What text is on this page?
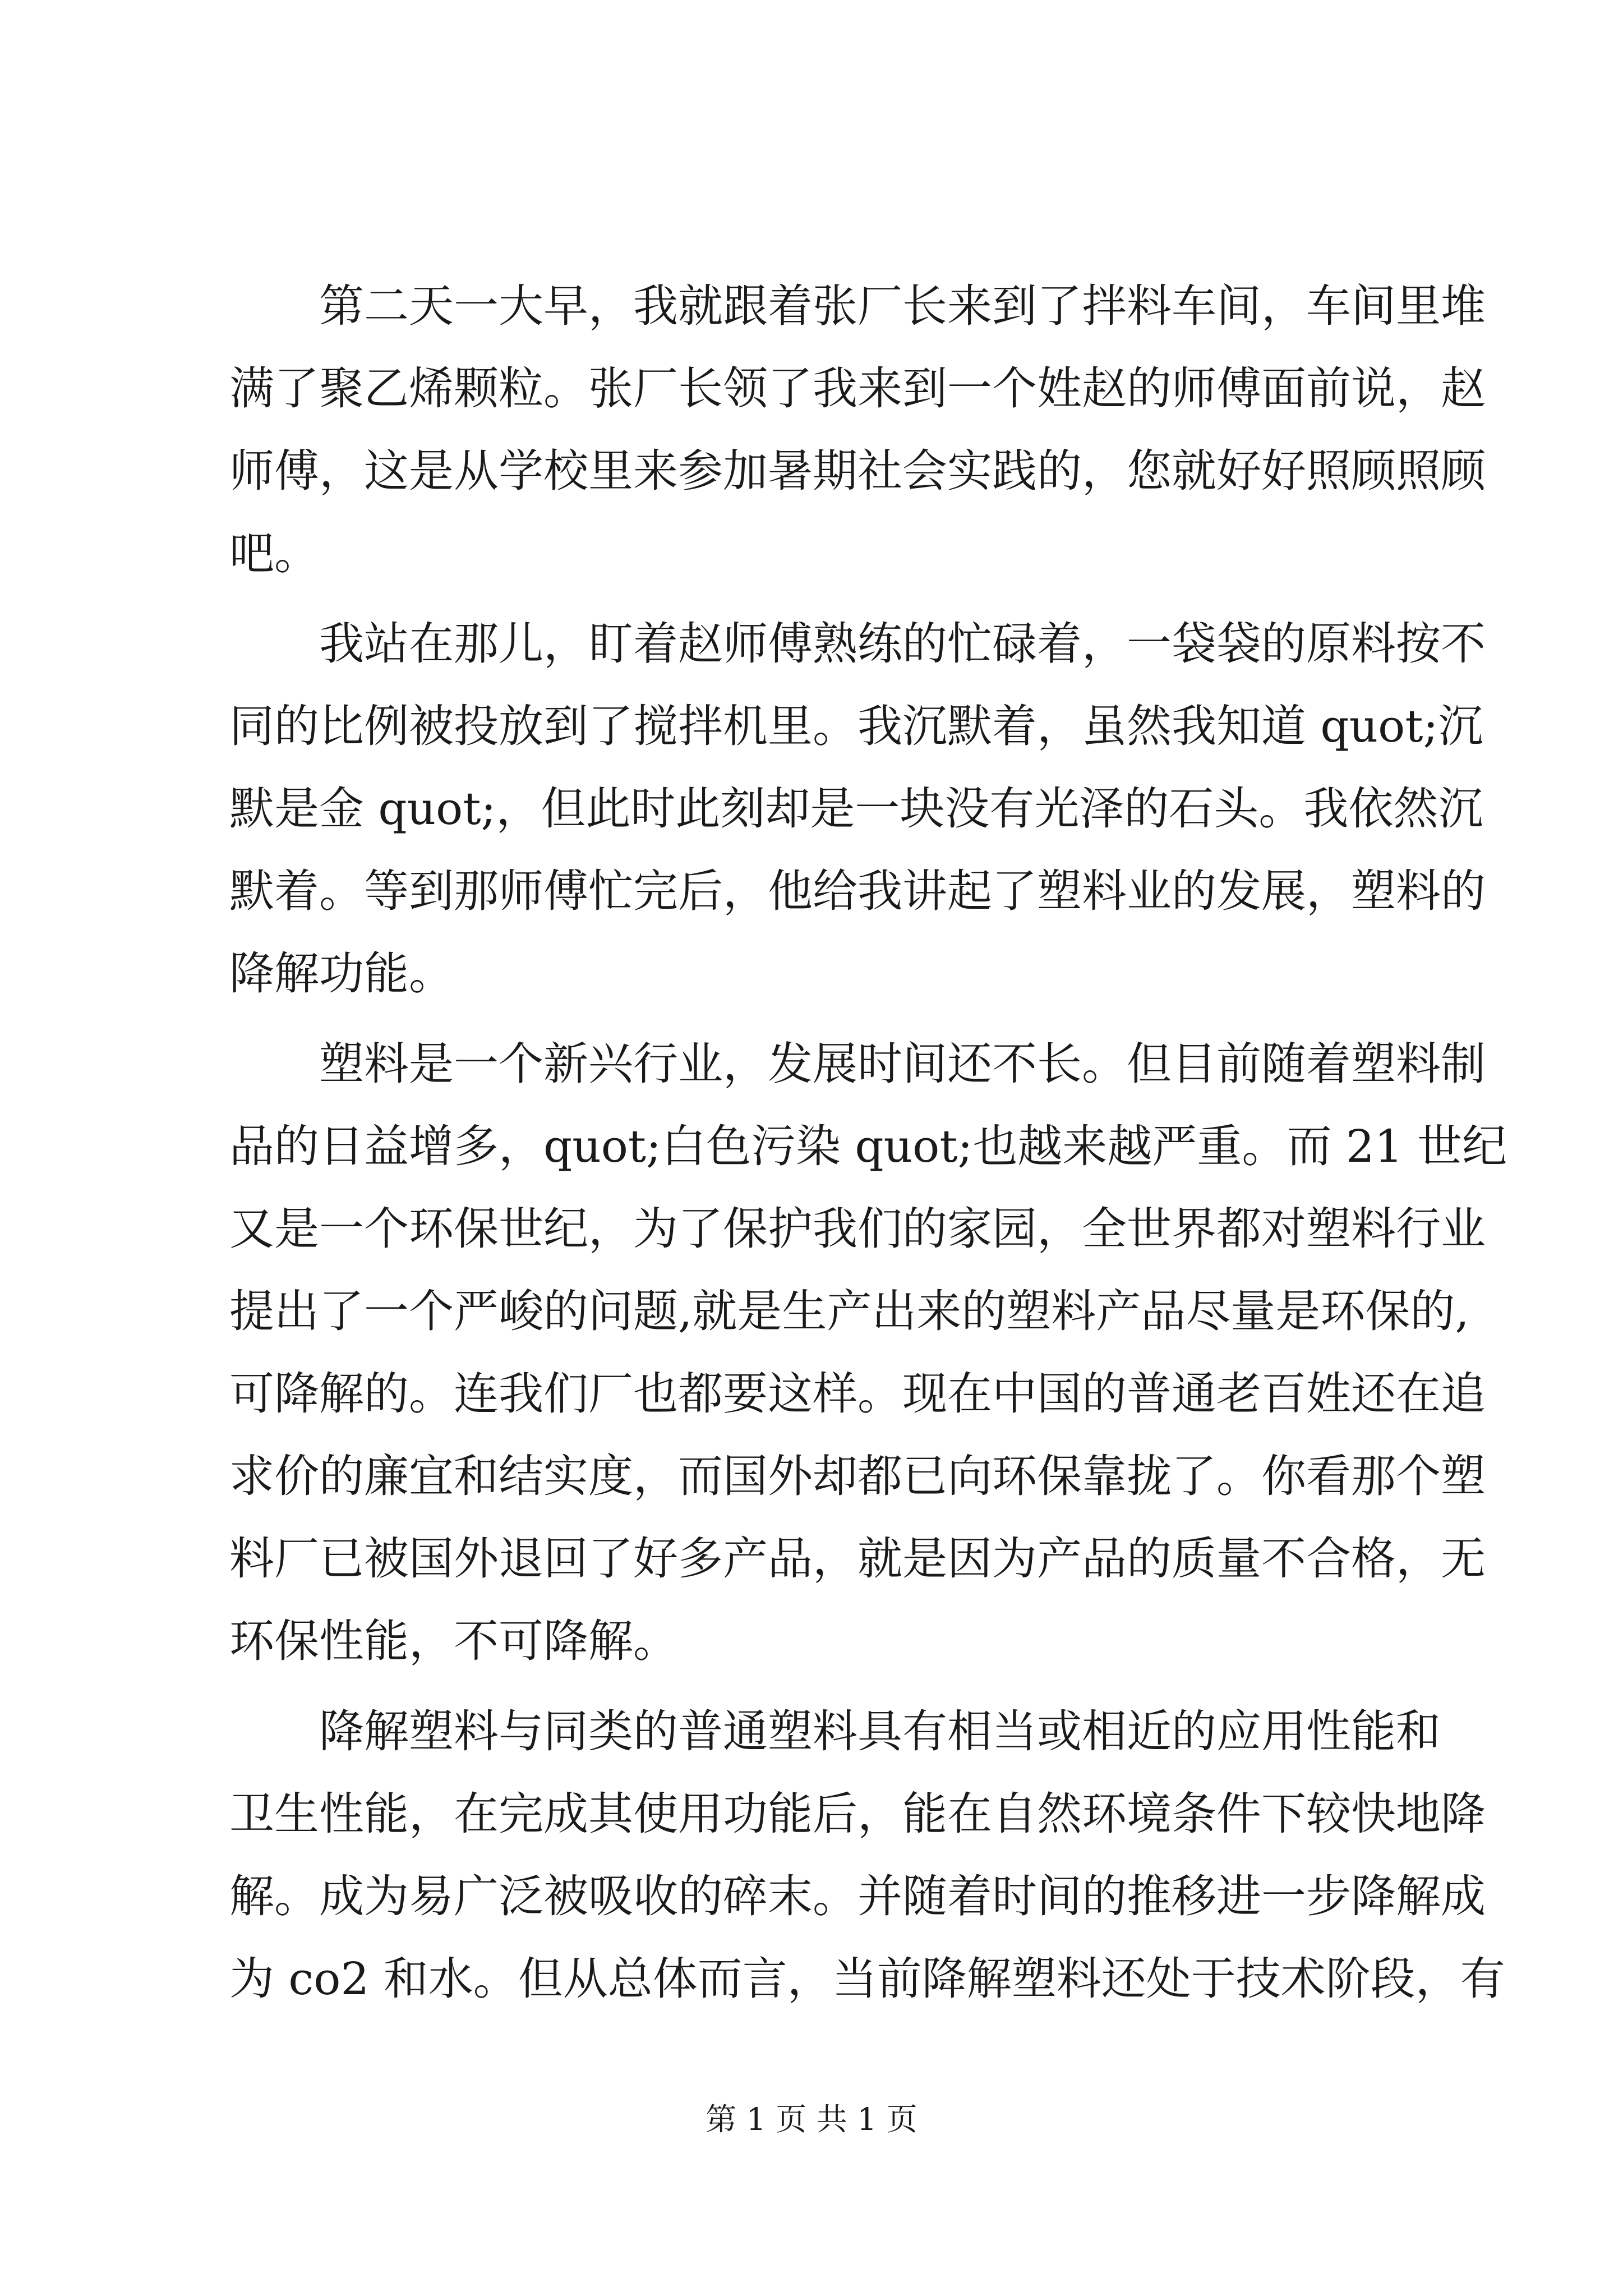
　　第二天一大早，我就跟着张厂长来到了拌料车间，车间里堆
满了聚乙烯颗粒。张厂长领了我来到一个姓赵的师傅面前说，赵
师傅，这是从学校里来参加暑期社会实践的，您就好好照顾照顾
吧。
　　我站在那儿，盯着赵师傅熟练的忙碌着，一袋袋的原料按不
同的比例被投放到了搅拌机里。我沉默着，虽然我知道 quot;沉
默是金 quot;，但此时此刻却是一块没有光泽的石头。我依然沉
默着。等到那师傅忙完后，他给我讲起了塑料业的发展，塑料的
降解功能。
　　塑料是一个新兴行业，发展时间还不长。但目前随着塑料制
品的日益增多，quot;白色污染 quot;也越来越严重。而 21 世纪
又是一个环保世纪，为了保护我们的家园，全世界都对塑料行业
提出了一个严峻的问题,就是生产出来的塑料产品尽量是环保的,
可降解的。连我们厂也都要这样。现在中国的普通老百姓还在追
求价的廉宜和结实度，而国外却都已向环保靠拢了。你看那个塑
料厂已被国外退回了好多产品，就是因为产品的质量不合格，无
环保性能，不可降解。
　　降解塑料与同类的普通塑料具有相当或相近的应用性能和
卫生性能，在完成其使用功能后，能在自然环境条件下较快地降
解。成为易广泛被吸收的碎末。并随着时间的推移进一步降解成
为 co2 和水。但从总体而言，当前降解塑料还处于技术阶段，有
第 1 页 共 1 页
